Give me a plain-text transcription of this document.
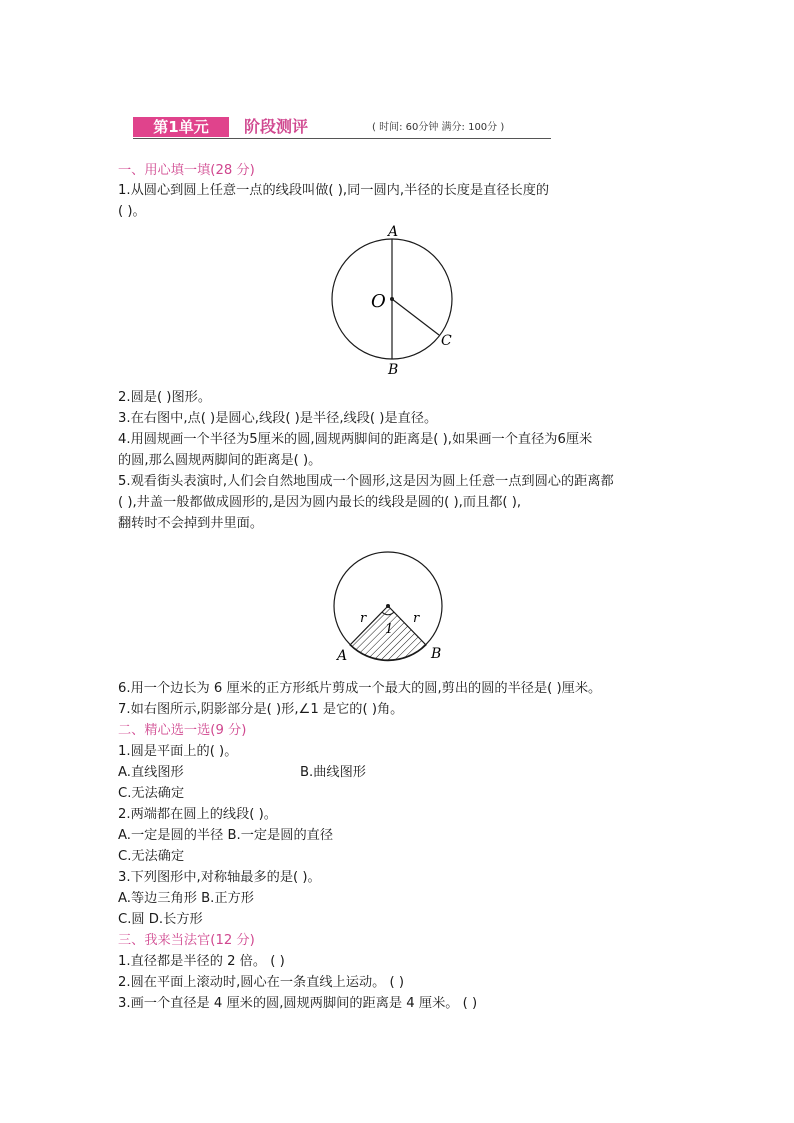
第1单元	阶段测评	( 时间: 60分钟 满分: 100分 )
一、用心填一填(28 分)
1.从圆心到圆上任意一点的线段叫做( ),同一圆内,半径的长度是直径长度的
( )。
A
B
C
O
2.圆是( )图形。
3.在右图中,点( )是圆心,线段( )是半径,线段( )是直径。
4.用圆规画一个半径为5厘米的圆,圆规两脚间的距离是( ),如果画一个直径为6厘米
的圆,那么圆规两脚间的距离是( )。
5.观看街头表演时,人们会自然地围成一个圆形,这是因为圆上任意一点到圆心的距离都
( ),井盖一般都做成圆形的,是因为圆内最长的线段是圆的( ),而且都( ),
翻转时不会掉到井里面。
r	r
1
A	B
6.用一个边长为 6 厘米的正方形纸片剪成一个最大的圆,剪出的圆的半径是( )厘米。
7.如右图所示,阴影部分是( )形,∠1 是它的( )角。
二、精心选一选(9 分)
1.圆是平面上的( )。
A.直线图形	B.曲线图形
C.无法确定
2.两端都在圆上的线段( )。
A.一定是圆的半径 B.一定是圆的直径
C.无法确定
3.下列图形中,对称轴最多的是( )。
A.等边三角形 B.正方形
C.圆 D.长方形
三、我来当法官(12 分)
1.直径都是半径的 2 倍。 ( )
2.圆在平面上滚动时,圆心在一条直线上运动。 ( )
3.画一个直径是 4 厘米的圆,圆规两脚间的距离是 4 厘米。 ( )
